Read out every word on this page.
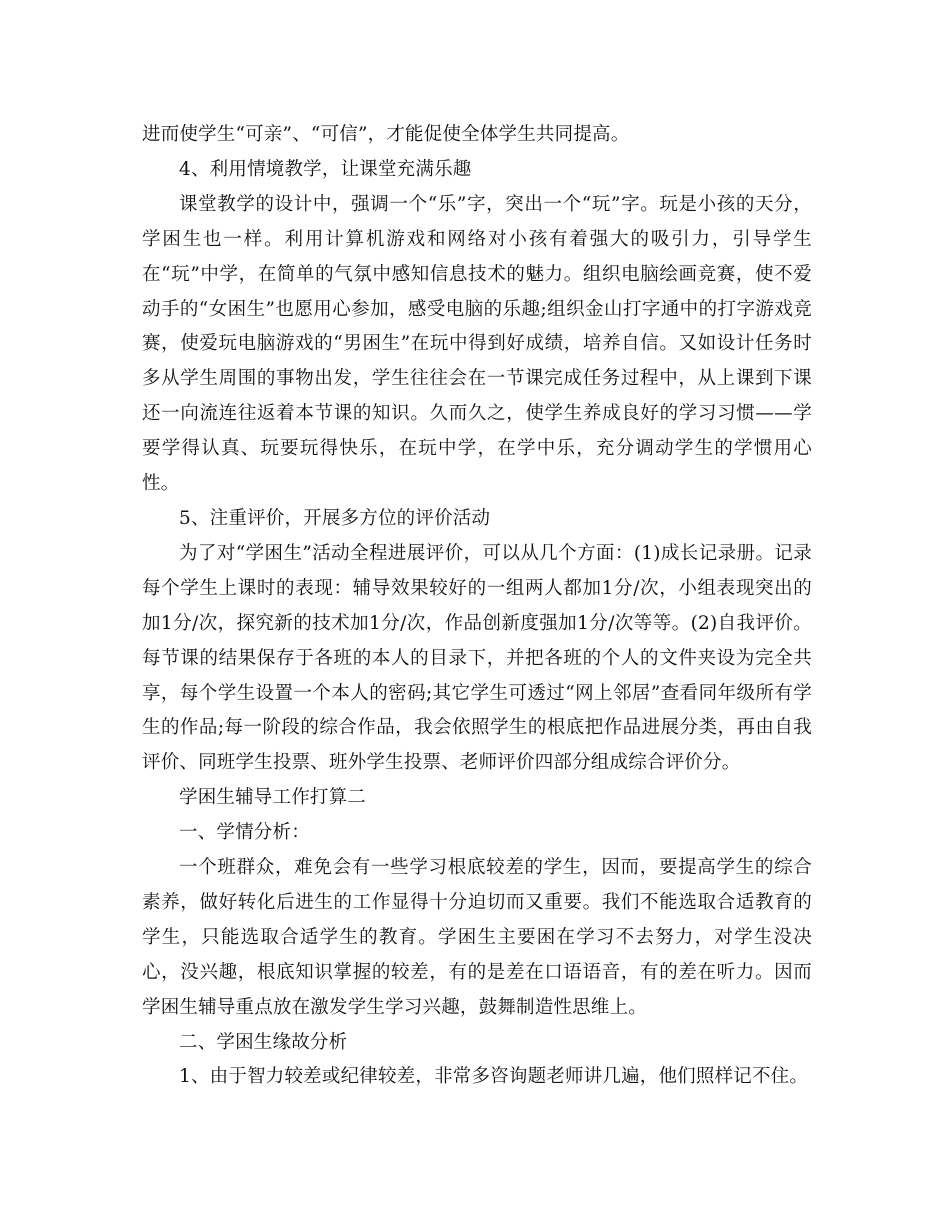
进而使学生“可亲”、“可信”，才能促使全体学生共同提高。

4、利用情境教学，让课堂充满乐趣

课堂教学的设计中，强调一个“乐”字，突出一个“玩”字。玩是小孩的天分，学困生也一样。利用计算机游戏和网络对小孩有着强大的吸引力，引导学生在“玩”中学，在简单的气氛中感知信息技术的魅力。组织电脑绘画竞赛，使不爱动手的“女困生”也愿用心参加，感受电脑的乐趣;组织金山打字通中的打字游戏竞赛，使爱玩电脑游戏的“男困生”在玩中得到好成绩，培养自信。又如设计任务时多从学生周围的事物出发，学生往往会在一节课完成任务过程中，从上课到下课还一向流连往返着本节课的知识。久而久之，使学生养成良好的学习习惯——学要学得认真、玩要玩得快乐，在玩中学，在学中乐，充分调动学生的学惯用心性。

5、注重评价，开展多方位的评价活动

为了对“学困生”活动全程进展评价，可以从几个方面：(1)成长记录册。记录每个学生上课时的表现：辅导效果较好的一组两人都加1分/次，小组表现突出的加1分/次，探究新的技术加1分/次，作品创新度强加1分/次等等。(2)自我评价。每节课的结果保存于各班的本人的目录下，并把各班的个人的文件夹设为完全共享，每个学生设置一个本人的密码;其它学生可透过“网上邻居”查看同年级所有学生的作品;每一阶段的综合作品，我会依照学生的根底把作品进展分类，再由自我评价、同班学生投票、班外学生投票、老师评价四部分组成综合评价分。

学困生辅导工作打算二

一、学情分析：

一个班群众，难免会有一些学习根底较差的学生，因而，要提高学生的综合素养，做好转化后进生的工作显得十分迫切而又重要。我们不能选取合适教育的学生，只能选取合适学生的教育。学困生主要困在学习不去努力，对学生没决心，没兴趣，根底知识掌握的较差，有的是差在口语语音，有的差在听力。因而学困生辅导重点放在激发学生学习兴趣，鼓舞制造性思维上。

二、学困生缘故分析

1、由于智力较差或纪律较差，非常多咨询题老师讲几遍，他们照样记不住。
